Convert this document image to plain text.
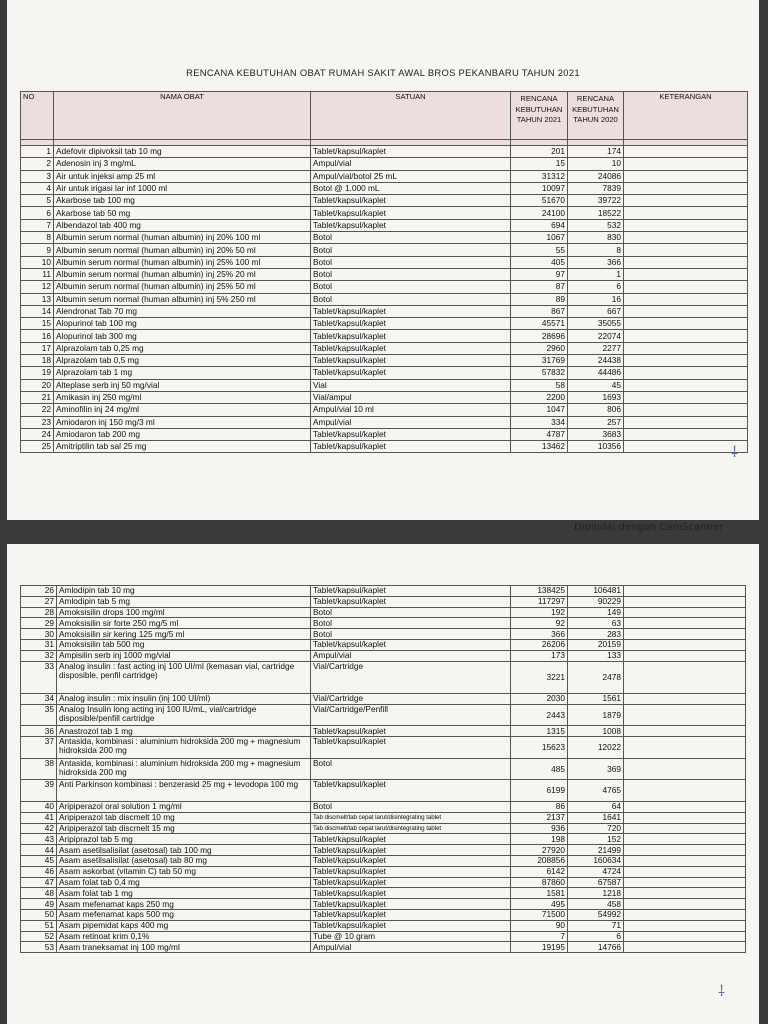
RENCANA KEBUTUHAN OBAT RUMAH SAKIT AWAL BROS PEKANBARU TAHUN 2021
NO	NAMA OBAT	SATUAN	RENCANA KEBUTUHAN TAHUN 2021	RENCANA KEBUTUHAN TAHUN 2020	KETERANGAN

1	Adefovir dipivoksil tab 10 mg	Tablet/kapsul/kaplet	201	174	
2	Adenosin inj 3 mg/mL	Ampul/vial	15	10	
3	Air untuk injeksi amp 25 ml	Ampul/vial/botol 25 mL	31312	24086	
4	Air untuk irigasi lar inf 1000 ml	Botol @ 1.000 mL	10097	7839	
5	Akarbose tab 100 mg	Tablet/kapsul/kaplet	51670	39722	
6	Akarbose tab 50 mg	Tablet/kapsul/kaplet	24100	18522	
7	Albendazol tab 400 mg	Tablet/kapsul/kaplet	694	532	
8	Albumin serum normal (human albumin) inj 20% 100 ml	Botol	1067	830	
9	Albumin serum normal (human albumin) inj 20% 50 ml	Botol	55	8	
10	Albumin serum normal (human albumin) inj 25% 100 ml	Botol	405	366	
11	Albumin serum normal (human albumin) inj 25% 20 ml	Botol	97	1	
12	Albumin serum normal (human albumin) inj 25% 50 ml	Botol	87	6	
13	Albumin serum normal (human albumin) inj 5% 250 ml	Botol	89	16	
14	Alendronat Tab 70 mg	Tablet/kapsul/kaplet	867	667	
15	Alopurinol tab 100 mg	Tablet/kapsul/kaplet	45571	35055	
16	Alopurinol tab 300 mg	Tablet/kapsul/kaplet	28696	22074	
17	Alprazolam tab 0,25 mg	Tablet/kapsul/kaplet	2960	2277	
18	Alprazolam tab 0,5 mg	Tablet/kapsul/kaplet	31769	24438	
19	Alprazolam tab 1 mg	Tablet/kapsul/kaplet	57832	44486	
20	Alteplase serb inj 50 mg/vial	Vial	58	45	
21	Amikasin inj 250 mg/ml	Vial/ampul	2200	1693	
22	Aminofilin inj 24 mg/ml	Ampul/vial 10 ml	1047	806	
23	Amiodaron inj 150 mg/3 ml	Ampul/vial	334	257	
24	Amiodaron tab 200 mg	Tablet/kapsul/kaplet	4787	3683	
25	Amitriptilin tab sal 25 mg	Tablet/kapsul/kaplet	13462	10356		⸸
Dipindai dengan CamScanner
26	Amlodipin tab 10 mg	Tablet/kapsul/kaplet	138425	106481	
27	Amlodipin tab 5 mg	Tablet/kapsul/kaplet	117297	90229	
28	Amoksisilin drops 100 mg/ml	Botol	192	149	
29	Amoksisilin sir forte 250 mg/5 ml	Botol	92	63	
30	Amoksisilin sir kering 125 mg/5 ml	Botol	366	283	
31	Amoksisilin tab 500 mg	Tablet/kapsul/kaplet	26206	20159	
32	Ampisilin serb inj 1000 mg/vial	Ampul/vial	173	133	
33	Analog insulin : fast acting inj 100 UI/ml (kemasan vial, cartridge disposible, penfil cartridge)	Vial/Cartridge	3221	2478	
34	Analog insulin : mix insulin (inj 100 UI/ml)	Vial/Cartridge	2030	1561	
35	Analog Insulin long acting inj 100 IU/mL, vial/cartridge disposible/penfill cartridge	Vial/Cartridge/Penfill	2443	1879	
36	Anastrozol tab 1 mg	Tablet/kapsul/kaplet	1315	1008	
37	Antasida, kombinasi : aluminium hidroksida 200 mg + magnesium hidroksida 200 mg	Tablet/kapsul/kaplet	15623	12022	
38	Antasida, kombinasi : aluminium hidroksida 200 mg + magnesium hidroksida 200 mg	Botol	485	369	
39	Anti Parkinson kombinasi : benzerasid 25 mg + levodopa 100 mg	Tablet/kapsul/kaplet	6199	4765	
40	Aripiperazol oral solution 1 mg/ml	Botol	86	64	
41	Aripiperazol tab discmelt 10 mg	Tab discmelt/tab cepat larut/disintegrating tablet	2137	1641	
42	Aripiperazol tab discmelt 15 mg	Tab discmelt/tab cepat larut/disintegrating tablet	936	720	
43	Aripiprazol tab 5 mg	Tablet/kapsul/kaplet	198	152	
44	Asam asetilsalisilat (asetosal) tab 100 mg	Tablet/kapsul/kaplet	27920	21499	
45	Asam asetilsalisilat (asetosal) tab 80 mg	Tablet/kapsul/kaplet	208856	160634	
46	Asam askorbat (vitamin C) tab 50 mg	Tablet/kapsul/kaplet	6142	4724	
47	Asam folat tab 0,4 mg	Tablet/kapsul/kaplet	87860	67587	
48	Asam folat tab 1 mg	Tablet/kapsul/kaplet	1581	1218	
49	Asam mefenamat kaps 250 mg	Tablet/kapsul/kaplet	495	458	
50	Asam mefenamat kaps 500 mg	Tablet/kapsul/kaplet	71500	54992	
51	Asam pipemidat kaps 400 mg	Tablet/kapsul/kaplet	90	71	
52	Asam retinoat krim 0,1%	Tube @ 10 gram	7	6	
53	Asam traneksamat inj 100 mg/ml	Ampul/vial	19195	14766	
⸸
